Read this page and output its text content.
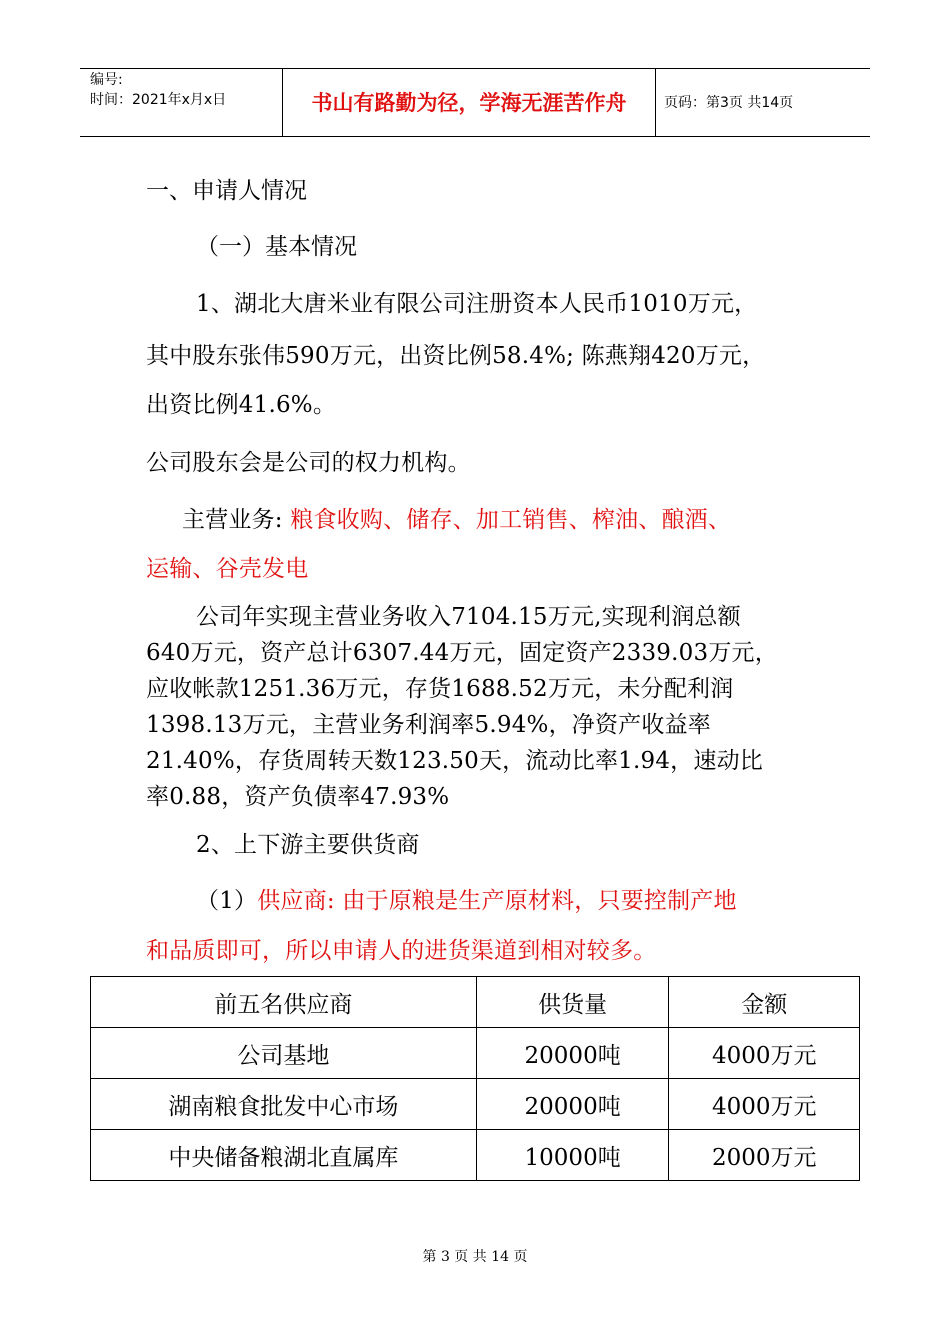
编号:
时间：2021年x月x日	书山有路勤为径，学海无涯苦作舟	页码：第3页 共14页
一、申请人情况
（一）基本情况
1、湖北大唐米业有限公司注册资本人民币1010万元，
其中股东张伟590万元，出资比例58.4%; 陈燕翔420万元，
出资比例41.6%。
公司股东会是公司的权力机构。
主营业务: 粮食收购、储存、加工销售、榨油、酿酒、
运输、谷壳发电
公司年实现主营业务收入7104.15万元,实现利润总额
640万元，资产总计6307.44万元，固定资产2339.03万元，
应收帐款1251.36万元，存货1688.52万元，未分配利润
1398.13万元，主营业务利润率5.94%，净资产收益率
21.40%，存货周转天数123.50天，流动比率1.94，速动比
率0.88，资产负债率47.93%
2、上下游主要供货商
（1）供应商: 由于原粮是生产原材料，只要控制产地
和品质即可，所以申请人的进货渠道到相对较多。
前五名供应商	供货量	金额
公司基地	20000吨	4000万元
湖南粮食批发中心市场	20000吨	4000万元
中央储备粮湖北直属库	10000吨	2000万元
第 3 页 共 14 页
